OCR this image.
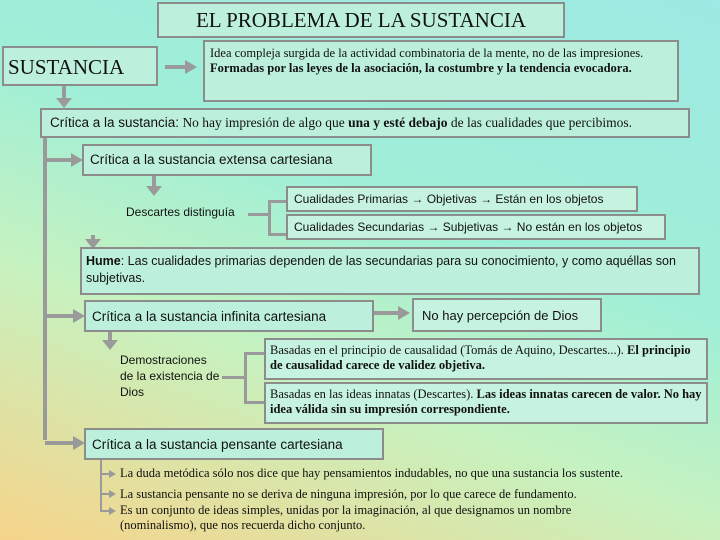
EL PROBLEMA DE LA SUSTANCIA
SUSTANCIA
Idea compleja surgida de la actividad combinatoria de la mente, no de las impresiones. Formadas por las leyes de la asociación, la costumbre y la tendencia evocadora.
Crítica a la sustancia: No hay impresión de algo que una y esté debajo de las cualidades que percibimos.
Crítica a la sustancia extensa cartesiana
Descartes distinguía
Cualidades Primarias → Objetivas → Están en los objetos
Cualidades Secundarias → Subjetivas → No están en los objetos
Hume: Las cualidades primarias dependen de las secundarias para su conocimiento, y como aquéllas son subjetivas.
Crítica a la sustancia infinita cartesiana	No hay percepción de Dios
Demostraciones de la existencia de Dios
Basadas en el principio de causalidad (Tomás de Aquino, Descartes...). El principio de causalidad carece de validez objetiva.
Basadas en las ideas innatas (Descartes). Las ideas innatas carecen de valor. No hay idea válida sin su impresión correspondiente.
Crítica a la sustancia pensante cartesiana
La duda metódica sólo nos dice que hay pensamientos indudables, no que una sustancia los sustente.
La sustancia pensante no se deriva de ninguna impresión, por lo que carece de fundamento.
Es un conjunto de ideas simples, unidas por la imaginación, al que designamos un nombre (nominalismo), que nos recuerda dicho conjunto.
